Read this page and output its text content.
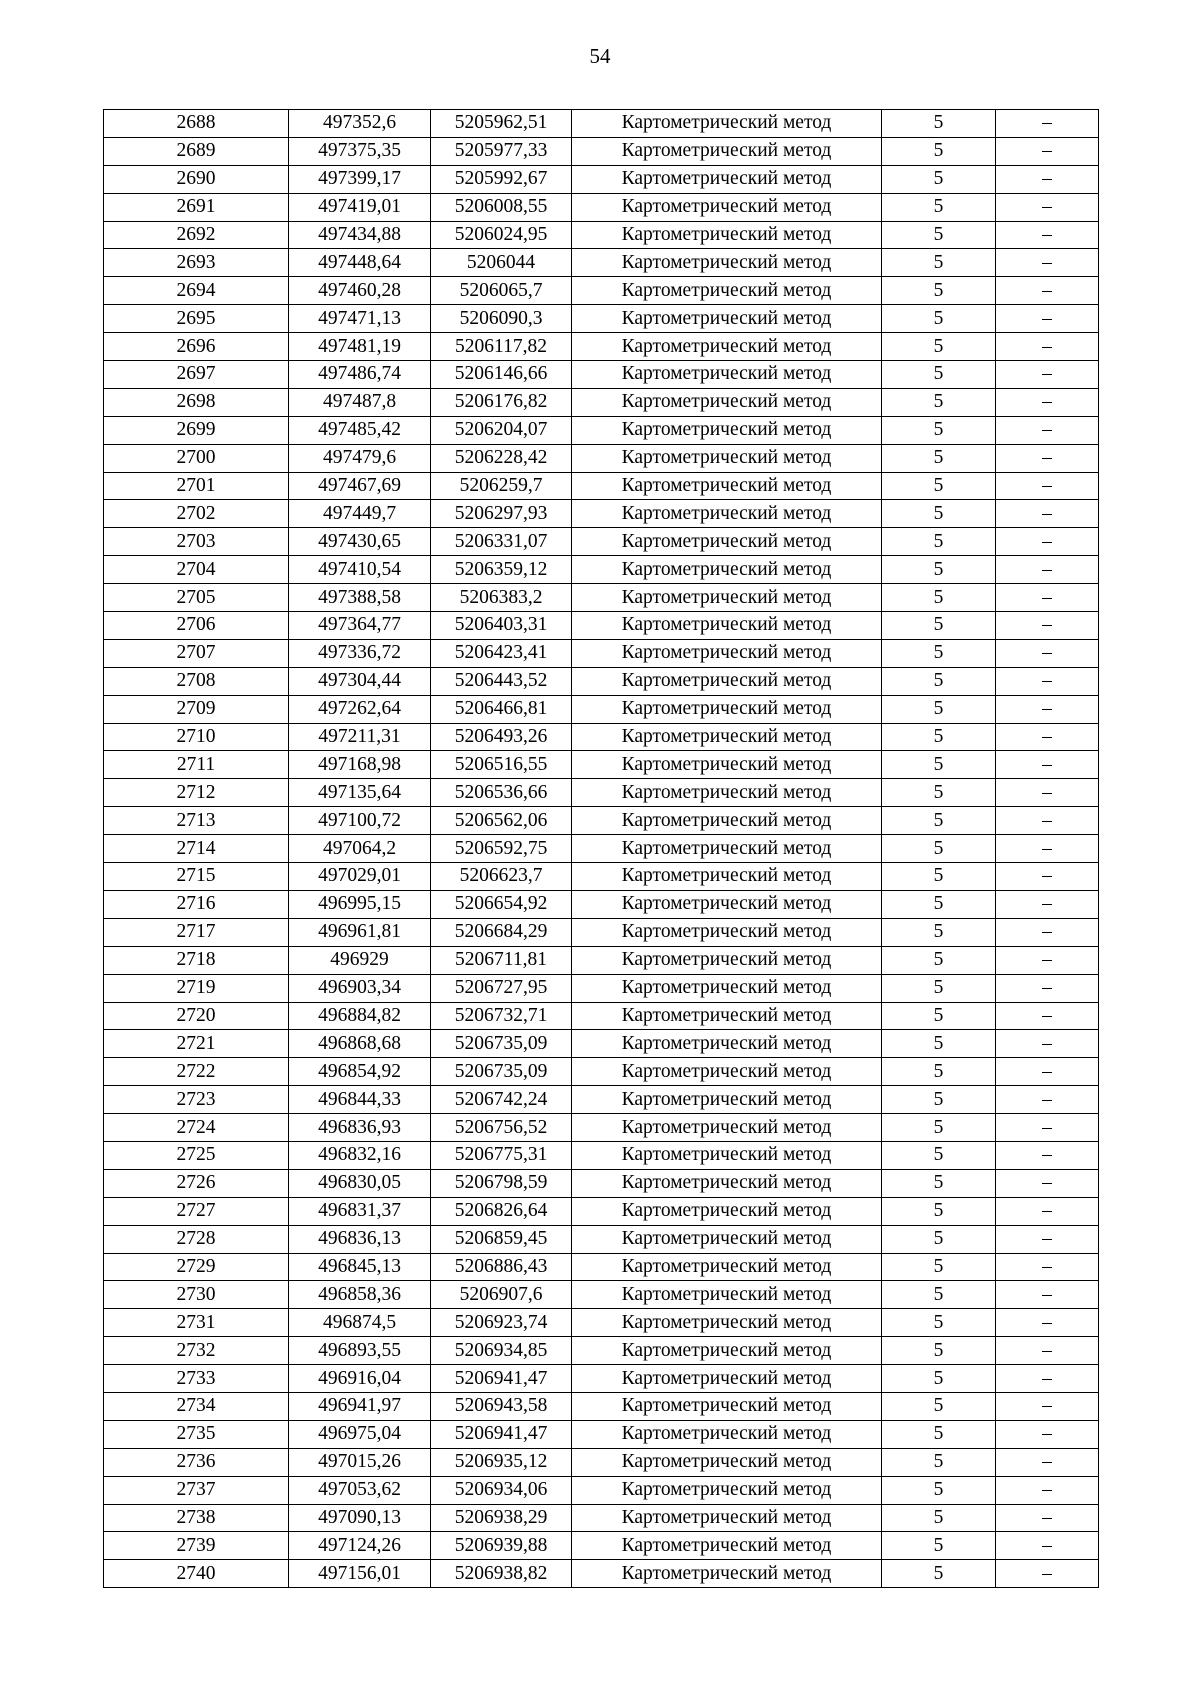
54
2688	497352,6	5205962,51	Картометрический метод	5	–
2689	497375,35	5205977,33	Картометрический метод	5	–
2690	497399,17	5205992,67	Картометрический метод	5	–
2691	497419,01	5206008,55	Картометрический метод	5	–
2692	497434,88	5206024,95	Картометрический метод	5	–
2693	497448,64	5206044	Картометрический метод	5	–
2694	497460,28	5206065,7	Картометрический метод	5	–
2695	497471,13	5206090,3	Картометрический метод	5	–
2696	497481,19	5206117,82	Картометрический метод	5	–
2697	497486,74	5206146,66	Картометрический метод	5	–
2698	497487,8	5206176,82	Картометрический метод	5	–
2699	497485,42	5206204,07	Картометрический метод	5	–
2700	497479,6	5206228,42	Картометрический метод	5	–
2701	497467,69	5206259,7	Картометрический метод	5	–
2702	497449,7	5206297,93	Картометрический метод	5	–
2703	497430,65	5206331,07	Картометрический метод	5	–
2704	497410,54	5206359,12	Картометрический метод	5	–
2705	497388,58	5206383,2	Картометрический метод	5	–
2706	497364,77	5206403,31	Картометрический метод	5	–
2707	497336,72	5206423,41	Картометрический метод	5	–
2708	497304,44	5206443,52	Картометрический метод	5	–
2709	497262,64	5206466,81	Картометрический метод	5	–
2710	497211,31	5206493,26	Картометрический метод	5	–
2711	497168,98	5206516,55	Картометрический метод	5	–
2712	497135,64	5206536,66	Картометрический метод	5	–
2713	497100,72	5206562,06	Картометрический метод	5	–
2714	497064,2	5206592,75	Картометрический метод	5	–
2715	497029,01	5206623,7	Картометрический метод	5	–
2716	496995,15	5206654,92	Картометрический метод	5	–
2717	496961,81	5206684,29	Картометрический метод	5	–
2718	496929	5206711,81	Картометрический метод	5	–
2719	496903,34	5206727,95	Картометрический метод	5	–
2720	496884,82	5206732,71	Картометрический метод	5	–
2721	496868,68	5206735,09	Картометрический метод	5	–
2722	496854,92	5206735,09	Картометрический метод	5	–
2723	496844,33	5206742,24	Картометрический метод	5	–
2724	496836,93	5206756,52	Картометрический метод	5	–
2725	496832,16	5206775,31	Картометрический метод	5	–
2726	496830,05	5206798,59	Картометрический метод	5	–
2727	496831,37	5206826,64	Картометрический метод	5	–
2728	496836,13	5206859,45	Картометрический метод	5	–
2729	496845,13	5206886,43	Картометрический метод	5	–
2730	496858,36	5206907,6	Картометрический метод	5	–
2731	496874,5	5206923,74	Картометрический метод	5	–
2732	496893,55	5206934,85	Картометрический метод	5	–
2733	496916,04	5206941,47	Картометрический метод	5	–
2734	496941,97	5206943,58	Картометрический метод	5	–
2735	496975,04	5206941,47	Картометрический метод	5	–
2736	497015,26	5206935,12	Картометрический метод	5	–
2737	497053,62	5206934,06	Картометрический метод	5	–
2738	497090,13	5206938,29	Картометрический метод	5	–
2739	497124,26	5206939,88	Картометрический метод	5	–
2740	497156,01	5206938,82	Картометрический метод	5	–
